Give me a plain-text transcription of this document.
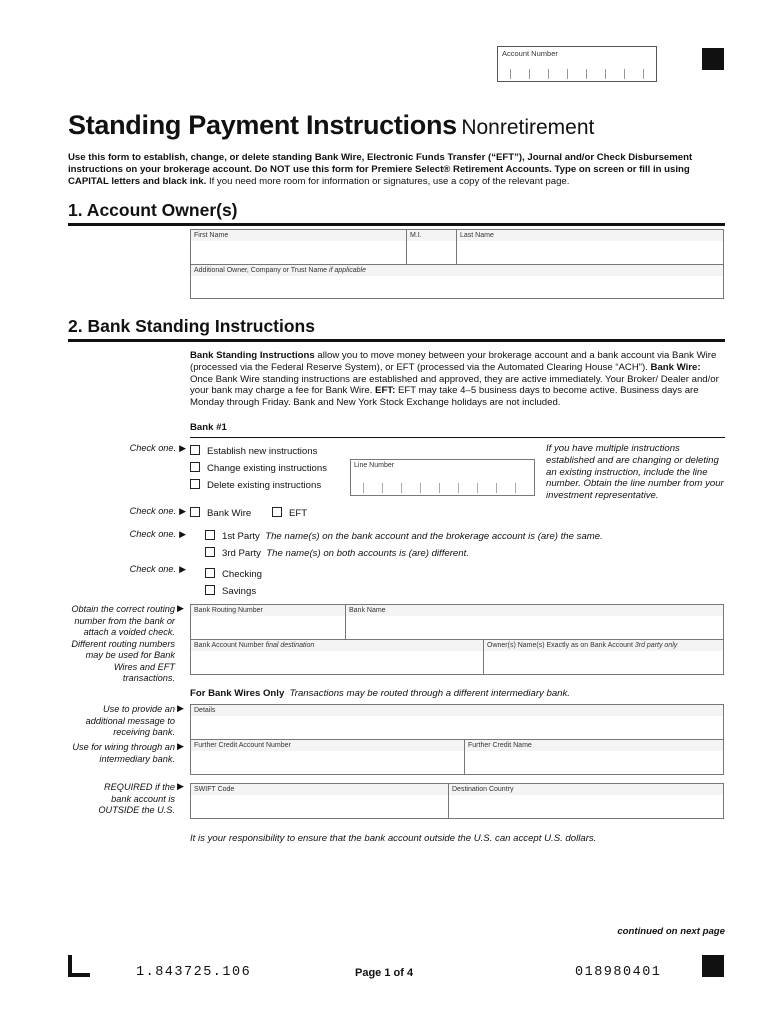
Account Number
Standing Payment Instructions Nonretirement
Use this form to establish, change, or delete standing Bank Wire, Electronic Funds Transfer (“EFT”), Journal and/or Check Disbursement instructions on your brokerage account. Do NOT use this form for Premiere Select® Retirement Accounts. Type on screen or fill in using CAPITAL letters and black ink. If you need more room for information or signatures, use a copy of the relevant page.
1. Account Owner(s)
First Name	M.I.	Last Name
Additional Owner, Company or Trust Name if applicable
2. Bank Standing Instructions
Bank Standing Instructions allow you to move money between your brokerage account and a bank account via Bank Wire (processed via the Federal Reserve System), or EFT (processed via the Automated Clearing House “ACH”). Bank Wire: Once Bank Wire standing instructions are established and approved, they are active immediately. Your Broker/ Dealer and/or your bank may charge a fee for Bank Wire. EFT: EFT may take 4–5 business days to become active. Business days are Monday through Friday. Bank and New York Stock Exchange holidays are not included.
Bank #1
Check one. ▶	Establish new instructions
Change existing instructions
Delete existing instructions
Line Number
If you have multiple instructions established and are changing or deleting an existing instruction, include the line number. Obtain the line number from your investment representative.
Check one. ▶	Bank Wire	EFT
Check one. ▶	1st Party The name(s) on the bank account and the brokerage account is (are) the same.
3rd Party The name(s) on both accounts is (are) different.
Check one. ▶	Checking
Savings
Obtain the correct routing number from the bank or attach a voided check. Different routing numbers may be used for Bank Wires and EFT transactions.
▶ Bank Routing Number	Bank Name
Bank Account Number final destination	Owner(s) Name(s) Exactly as on Bank Account 3rd party only
For Bank Wires Only Transactions may be routed through a different intermediary bank.
Use to provide an additional message to receiving bank.
▶ Details
Use for wiring through an intermediary bank.
▶ Further Credit Account Number	Further Credit Name
REQUIRED if the bank account is OUTSIDE the U.S.
▶ SWIFT Code	Destination Country
It is your responsibility to ensure that the bank account outside the U.S. can accept U.S. dollars.
continued on next page
1.843725.106	Page 1 of 4	018980401
